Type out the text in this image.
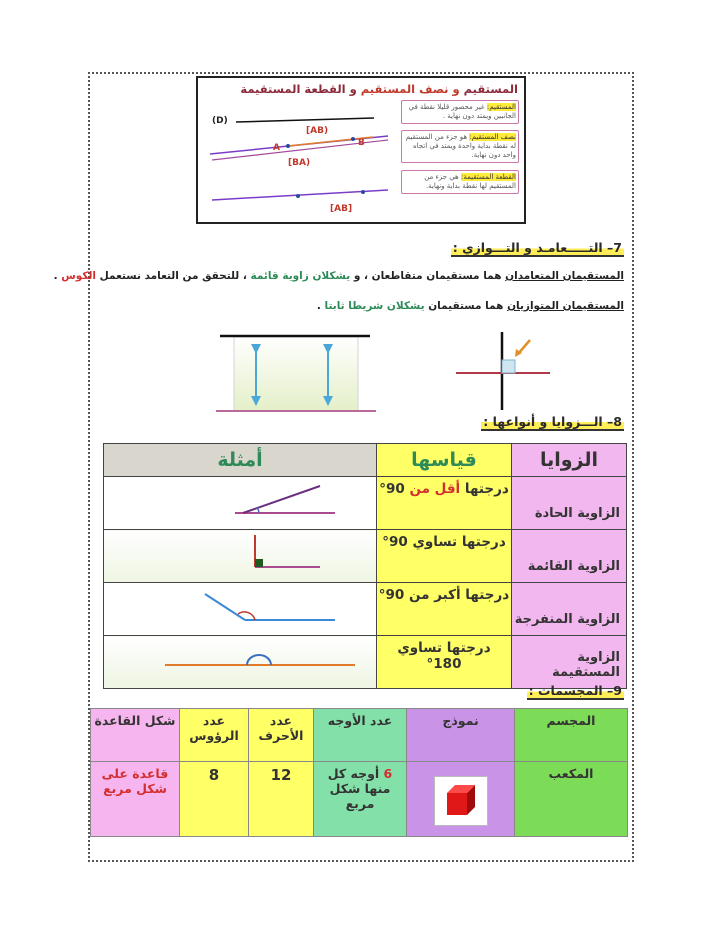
المستقيم و نصف المستقيم و القطعة المستقيمة
المستقيم: غير محصور قليلا نقطة في الجانبين ويمتد دون نهاية .
نصف المستقيم: هو جزء من المستقيم له نقطة بداية واحدة ويمتد في اتجاه واحد دون نهاية.
القطعة المستقيمة: هي جزء من المستقيم لها نقطة بداية ونهاية.
(D)
[AB)
A	B
[BA)
[AB]
7– التـــــعامـد و التـــوازي :
المستقيمان المتعامدان هما مستقيمان متقاطعان ، و يشكلان زاوية قائمة ، للتحقق من التعامد نستعمل الكوس .
المستقيمان المتوازيان هما مستقيمان يشكلان شريطا ثابتا .
8– الـــزوايا و أنواعها :
الزوايا	قياسها	أمثلة
الزاوية الحادة	درجتها أقل من 90°	
الزاوية القائمة	درجتها تساوي 90°	
الزاوية المنفرجة	درجتها أكبر من 90°	
الزاوية المستقيمة	درجتها تساوي 180°	
9– المجسمات :
المجسم	نموذج	عدد الأوجه	عدد الأحرف	عدد الرؤوس	شكل القاعدة
المكعب		6 أوجه كل منها شكل مربع	12	8	قاعدة على شكل مربع
